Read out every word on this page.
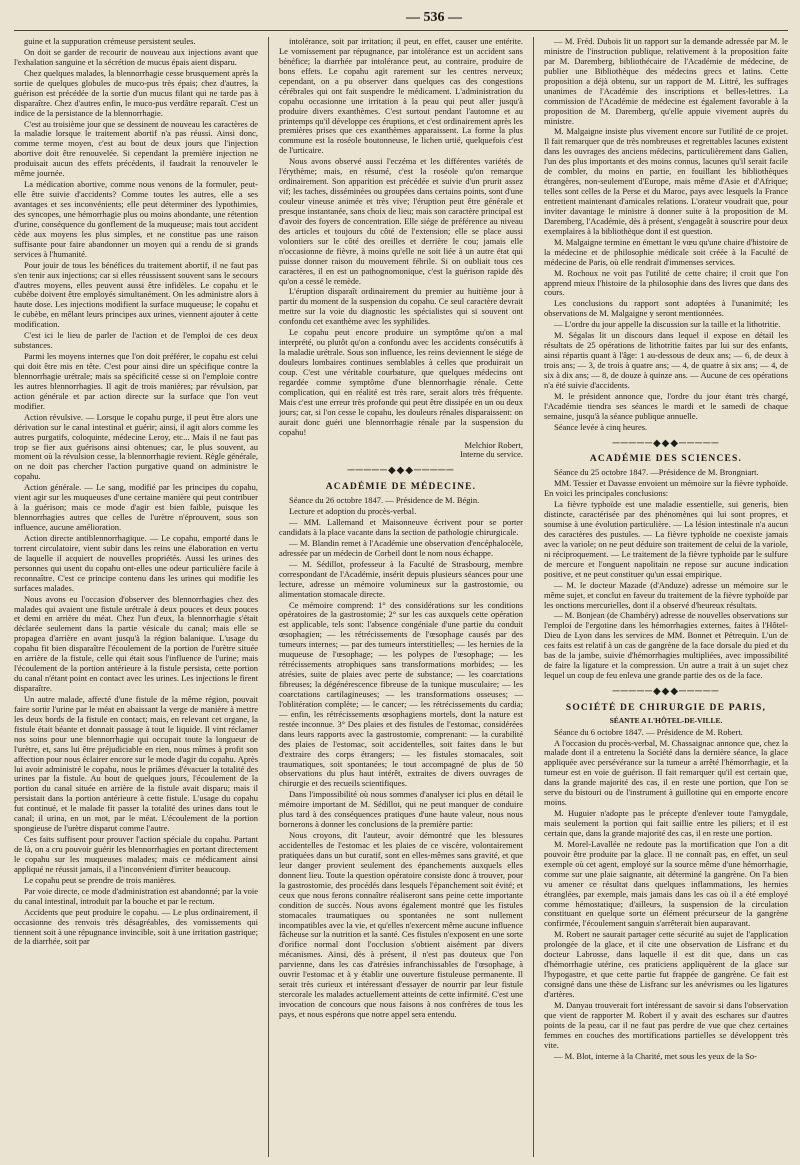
— 536 —

guine et la suppuration crémeuse persistent seules.

On doit se garder de recourir de nouveau aux injections avant que l'exhalation sanguine et la sécrétion de mucus épais aient disparu.

Chez quelques malades, la blennorrhagie cesse brusquement après la sortie de quelques globules de muco-pus très épais; chez d'autres, la guérison est précédée de la sortie d'un mucus filant qui ne tarde pas à disparaître. Chez d'autres enfin, le muco-pus verdâtre reparaît. C'est un indice de la persistance de la blennorrhagie.

C'est au troisième jour que se dessinent de nouveau les caractères de la maladie lorsque le traitement abortif n'a pas réussi. Ainsi donc, comme terme moyen, c'est au bout de deux jours que l'injection abortive doit être renouvelée. Si cependant la première injection ne produisait aucun des effets précédents, il faudrait la renouveler le même journée.

La médication abortive, comme nous venons de la formuler, peut-elle être suivie d'accidents? Comme toutes les autres, elle a ses avantages et ses inconvénients; elle peut déterminer des lypothimies, des syncopes, une hémorrhagie plus ou moins abondante, une rétention d'urine, conséquence du gonflement de la muqueuse; mais tout accident cède aux moyens les plus simples, et ne constitue pas une raison suffisante pour faire abandonner un moyen qui a rendu de si grands services à l'humanité.

Pour jouir de tous les bénéfices du traitement abortif, il ne faut pas s'en tenir aux injections; car si elles réussissent souvent sans le secours d'autres moyens, elles peuvent aussi être infidèles. Le copahu et le cubèbe doivent être employés simultanément. On les administre alors à haute dose. Les injections modifient la surface muqueuse; le copahu et le cubèbe, en mêlant leurs principes aux urines, viennent ajouter à cette modification.

C'est ici le lieu de parler de l'action et de l'emploi de ces deux substances.

Parmi les moyens internes que l'on doit préférer, le copahu est celui qui doit être mis en tête. C'est pour ainsi dire un spécifique contre la blennorrhagie urétrale; mais sa spécificité cesse si on l'emploie contre les autres blennorrhagies. Il agit de trois manières; par révulsion, par action générale et par action directe sur la surface que l'on veut modifier.

Action révulsive. — Lorsque le copahu purge, il peut être alors une dérivation sur le canal intestinal et guérir; ainsi, il agit alors comme les autres purgatifs, coloquinte, médecine Leroy, etc... Mais il ne faut pas trop se fier aux guérisons ainsi obtenues; car, le plus souvent, au moment où la révulsion cesse, la blennorrhagie revient. Règle générale, on ne doit pas chercher l'action purgative quand on administre le copahu.

Action générale. — Le sang, modifié par les principes du copahu, vient agir sur les muqueuses d'une certaine manière qui peut contribuer à la guérison; mais ce mode d'agir est bien faible, puisque les blennorrhagies autres que celles de l'urètre n'éprouvent, sous son influence, aucune amélioration.

Action directe antiblennorrhagique. — Le copahu, emporté dans le torrent circulatoire, vient subir dans les reins une élaboration en vertu de laquelle il acquiert de nouvelles propriétés. Aussi les urines des personnes qui usent du copahu ont-elles une odeur particulière facile à reconnaître. C'est ce principe contenu dans les urines qui modifie les surfaces malades.

Nous avons eu l'occasion d'observer des blennorrhagies chez des malades qui avaient une fistule urétrale à deux pouces et deux pouces et demi en arrière du méat. Chez l'un d'eux, la blennorrhagie s'était déclarée seulement dans la partie vésicale du canal; mais elle se propagea d'arrière en avant jusqu'à la région balanique. L'usage du copahu fit bien disparaître l'écoulement de la portion de l'urètre située en arrière de la fistule, celle qui était sous l'influence de l'urine; mais l'écoulement de la portion antérieure à la fistule persista, cette portion du canal n'étant point en contact avec les urines. Les injections le firent disparaître.

Un autre malade, affecté d'une fistule de la même région, pouvait faire sortir l'urine par le méat en abaissant la verge de manière à mettre les deux bords de la fistule en contact; mais, en relevant cet organe, la fistule était béante et donnait passage à tout le liquide. Il vint réclamer nos soins pour une blennorrhagie qui occupait toute la longueur de l'urètre, et, sans lui être préjudiciable en rien, nous mîmes à profit son affection pour nous éclairer encore sur le mode d'agir du copahu. Après lui avoir administré le copahu, nous le priâmes d'évacuer la totalité des urines par la fistule. Au bout de quelques jours, l'écoulement de la portion du canal située en arrière de la fistule avait disparu; mais il persistait dans la portion antérieure à cette fistule. L'usage du copahu fut continué, et le malade fit passer la totalité des urines dans tout le canal; il urina, en un mot, par le méat. L'écoulement de la portion spongieuse de l'urètre disparut comme l'autre.

Ces faits suffisent pour prouver l'action spéciale du copahu. Partant de là, on a cru pouvoir guérir les blennorrhagies en portant directement le copahu sur les muqueuses malades; mais ce médicament ainsi appliqué ne réussit jamais, il a l'inconvénient d'irriter beaucoup.

Le copahu peut se prendre de trois manières.

Par voie directe, ce mode d'administration est abandonné; par la voie du canal intestinal, introduit par la bouche et par le rectum.

Accidents que peut produire le copahu. — Le plus ordinairement, il occasionne des renvois très désagréables, des vomissements qui tiennent soit à une répugnance invincible, soit à une irritation gastrique; de la diarrhée, soit par

intolérance, soit par irritation; il peut, en effet, causer une entérite. Le vomissement par répugnance, par intolérance est un accident sans bénéfice; la diarrhée par intolérance peut, au contraire, produire de bons effets. Le copahu agit rarement sur les centres nerveux; cependant, on a pu observer dans quelques cas des congestions cérébrales qui ont fait suspendre le médicament. L'administration du copahu occasionne une irritation à la peau qui peut aller jusqu'à produire divers exanthèmes. C'est surtout pendant l'automne et au printemps qu'il développe ces éruptions, et c'est ordinairement après les premières prises que ces exanthèmes apparaissent. La forme la plus commune est la roséole boutonneuse, le lichen urtié, quelquefois c'est de l'urticaire.

Nous avons observé aussi l'eczéma et les différentes variétés de l'érythème; mais, en résumé, c'est la roséole qu'on remarque ordinairement. Son apparition est précédée et suivie d'un prurit assez vif; les taches, disséminées ou groupées dans certains points, sont d'une couleur vineuse animée et très vive; l'éruption peut être générale et presque instantanée, sans choix de lieu; mais son caractère principal est d'avoir des foyers de concentration. Elle siége de préférence au niveau des articles et toujours du côté de l'extension; elle se place aussi volontiers sur le côté des oreilles et derrière le cou; jamais elle n'occasionne de fièvre, à moins qu'elle ne soit liée à un autre état qui puisse donner raison du mouvement fébrile. Si on oubliait tous ces caractères, il en est un pathognomonique, c'est la guérison rapide dès qu'on a cessé le remède.

L'éruption disparaît ordinairement du premier au huitième jour à partir du moment de la suspension du copahu. Ce seul caractère devrait mettre sur la voie du diagnostic les spécialistes qui si souvent ont confondu cet exanthème avec les syphilides.

Le copahu peut encore produire un symptôme qu'on a mal interprété, ou plutôt qu'on a confondu avec les accidents consécutifs à la maladie urétrale. Sous son influence, les reins deviennent le siége de douleurs lombaires continues semblables à celles que produirait un coup. C'est une véritable courbature, que quelques médecins ont regardée comme symptôme d'une blennorrhagie rénale. Cette complication, qui en réalité est très rare, serait alors très fréquente. Mais c'est une erreur très profonde qui peut être dissipée en un ou deux jours; car, si l'on cesse le copahu, les douleurs rénales disparaissent: on aurait donc guéri une blennorrhagie rénale par la suspension du copahu!

Melchior Robert,
Interne du service.
─────◆◆◆─────
ACADÉMIE DE MÉDECINE.

Séance du 26 octobre 1847. — Présidence de M. Bégin.

Lecture et adoption du procès-verbal.

— MM. Lallemand et Maisonneuve écrivent pour se porter candidats à la place vacante dans la section de pathologie chirurgicale.

— M. Blandin remet à l'Académie une observation d'encéphalocèle, adressée par un médecin de Corbeil dont le nom nous échappe.

— M. Sédillot, professeur à la Faculté de Strasbourg, membre correspondant de l'Académie, insérit depuis plusieurs séances pour une lecture, adresse un mémoire volumineux sur la gastrostomie, ou alimentation stomacale directe.

Ce mémoire comprend: 1° des considérations sur les conditions opératoires de la gastrostomie; 2° sur les cas auxquels cette opération est applicable, tels sont: l'absence congéniale d'une partie du conduit œsophagien; — les rétrécissements de l'œsophage causés par des tumeurs internes; — par des tumeurs interstitielles; — les hernies de la muqueuse de l'œsophage; — les polypes de l'œsophage; — les rétrécissements atrophiques sans transformations morbides; — les atrésies, suite de plaies avec perte de substance; — les coarctations fibreuses; la dégénérescence fibreuse de la tunique musculaire; — les coarctations cartilagineuses; — les transformations osseuses; — l'oblitération complète; — le cancer; — les rétrécissements du cardia; — enfin, les rétrécissements œsophagiens mortels, dont la nature est restée inconnue. 3° Des plaies et des fistules de l'estomac, considérées dans leurs rapports avec la gastrostomie, comprenant: — la curabilité des plaies de l'estomac, soit accidentelles, soit faites dans le but d'extraire des corps étrangers; — les fistules stomacales, soit traumatiques, soit spontanées; le tout accompagné de plus de 50 observations du plus haut intérêt, extraites de divers ouvrages de chirurgie et des recueils scientifiques.

Dans l'impossibilité où nous sommes d'analyser ici plus en détail le mémoire important de M. Sédillot, qui ne peut manquer de conduire plus tard à des conséquences pratiques d'une haute valeur, nous nous bornerons à donner les conclusions de la première partie:

Nous croyons, dit l'auteur, avoir démontré que les blessures accidentelles de l'estomac et les plaies de ce viscère, volontairement pratiquées dans un but curatif, sont en elles-mêmes sans gravité, et que leur danger provient seulement des épanchements auxquels elles donnent lieu. Toute la question opératoire consiste donc à trouver, pour la gastrostomie, des procédés dans lesquels l'épanchement soit évité; et ceux que nous ferons connaître réaliseront sans peine cette importante condition de succès. Nous avons également montré que les fistules stomacales traumatiques ou spontanées ne sont nullement incompatibles avec la vie, et qu'elles n'exercent même aucune influence fâcheuse sur la nutrition et la santé. Ces fistules n'exposent en une sorte d'orifice normal dont l'occlusion s'obtient aisément par divers mécanismes. Ainsi, dès à présent, il n'est pas douteux que l'on parvienne, dans les cas d'atrésies infranchissables de l'œsophage, à ouvrir l'estomac et à y établir une ouverture fistuleuse permanente. Il serait très curieux et intéressant d'essayer de nourrir par leur fistule stercorale les malades actuellement atteints de cette infirmité. C'est une invocation de concours que nous faisons à nos confrères de tous les pays, et nous espérons que notre appel sera entendu.

— M. Fréd. Dubois lit un rapport sur la demande adressée par M. le ministre de l'instruction publique, relativement à la proposition faite par M. Daremberg, bibliothécaire de l'Académie de médecine, de publier une Bibliothèque des médecins grecs et latins. Cette proposition a déjà obtenu, sur un rapport de M. Littré, les suffrages unanimes de l'Académie des inscriptions et belles-lettres. La commission de l'Académie de médecine est également favorable à la proposition de M. Daremberg, qu'elle appuie vivement auprès du ministre.

M. Malgaigne insiste plus vivement encore sur l'utilité de ce projet. Il fait remarquer que de très nombreuses et regrettables lacunes existent dans les ouvrages des anciens médecins, particulièrement dans Galien, l'un des plus importants et des moins connus, lacunes qu'il serait facile de combler, du moins en partie, en fouillant les bibliothèques étrangères, non-seulement d'Europe, mais même d'Asie et d'Afrique; telles sont celles de la Perse et du Maroc, pays avec lesquels la France entretient maintenant d'amicales relations. L'orateur voudrait que, pour inviter davantage le ministre à donner suite à la proposition de M. Daremberg, l'Académie, dès à présent, s'engageât à souscrire pour deux exemplaires à la bibliothèque dont il est question.

M. Malgaigne termine en émettant le vœu qu'une chaire d'histoire de la médecine et de philosophie médicale soit créée à la Faculté de médecine de Paris, où elle rendrait d'immenses services.

M. Rochoux ne voit pas l'utilité de cette chaire; il croit que l'on apprend mieux l'histoire de la philosophie dans des livres que dans des cours.

Les conclusions du rapport sont adoptées à l'unanimité; les observations de M. Malgaigne y seront mentionnées.

— L'ordre du jour appelle la discussion sur la taille et la lithotritie.

M. Ségalas lit un discours dans lequel il expose en détail les résultats de 25 opérations de lithotritie faites par lui sur des enfants, ainsi répartis quant à l'âge: 1 au-dessous de deux ans; — 6, de deux à trois ans; — 3, de trois à quatre ans; — 4, de quatre à six ans; — 4, de six à dix ans; — 8, de douze à quinze ans. — Aucune de ces opérations n'a été suivie d'accidents.

M. le président annonce que, l'ordre du jour étant très chargé, l'Académie tiendra ses séances le mardi et le samedi de chaque semaine, jusqu'à la séance publique annuelle.

Séance levée à cinq heures.

─────◆◆◆─────
ACADÉMIE DES SCIENCES.

Séance du 25 octobre 1847. —Présidence de M. Brongniart.

MM. Tessier et Davasse envoient un mémoire sur la fièvre typhoïde. En voici les principales conclusions:

La fièvre typhoïde est une maladie essentielle, sui generis, bien distincte, caractérisée par des phénomènes qui lui sont propres, et soumise à une évolution particulière. — La lésion intestinale n'a aucun des caractères des pustules. — La fièvre typhoïde ne coexiste jamais avec la variole; on ne peut déduire son traitement de celui de la variole, ni réciproquement. — Le traitement de la fièvre typhoïde par le sulfure de mercure et l'onguent napolitain ne repose sur aucune indication positive, et ne peut constituer qu'un essai empirique.

— M. le docteur Mazade (d'Anduze) adresse un mémoire sur le même sujet, et conclut en faveur du traitement de la fièvre typhoïde par les onctions mercurielles, dont il a observé d'heureux résultats.

— M. Bonjean (de Chambéry) adresse de nouvelles observations sur l'emploi de l'ergotine dans les hémorrhagies externes, faites à l'Hôtel-Dieu de Lyon dans les services de MM. Bonnet et Pétrequin. L'un de ces faits est relatif à un cas de gangrène de la face dorsale du pied et du bas de la jambe, suivie d'hémorrhagies multipliées, avec impossibilité de faire la ligature et la compression. Un autre a trait à un sujet chez lequel un coup de feu enleva une grande partie des os de la face.

─────◆◆◆─────
SOCIÉTÉ DE CHIRURGIE DE PARIS,
SÉANTE A L'HÔTEL-DE-VILLE.

Séance du 6 octobre 1847. — Présidence de M. Robert.

A l'occasion du procès-verbal, M. Chassaignac annonce que, chez la malade dont il a entretenu la Société dans la dernière séance, la glace appliquée avec persévérance sur la tumeur a arrêté l'hémorrhagie, et la tumeur est en voie de guérison. Il fait remarquer qu'il est certain que, dans la grande majorité des cas, il en reste une portion, que l'on se serve du bistouri ou de l'instrument à guillotine qui en emporte encore moins.

M. Huguier n'adopte pas le précepte d'enlever toute l'amygdale, mais seulement la portion qui fait saillie entre les piliers; et il est certain que, dans la grande majorité des cas, il en reste une portion.

M. Morel-Lavallée ne redoute pas la mortification que l'on a dit pouvoir être produite par la glace. Il ne connaît pas, en effet, un seul exemple où cet agent, employé sur la source même d'une hémorrhagie, comme sur une plaie saignante, ait déterminé la gangrène. On l'a bien vu amener ce résultat dans quelques inflammations, les hernies étranglées, par exemple, mais jamais dans les cas où il a été employé comme hémostatique; d'ailleurs, la suspension de la circulation constituant en quelque sorte un élément précurseur de la gangrène confirmée, l'écoulement sanguin s'arrêterait bien auparavant.

M. Robert ne saurait partager cette sécurité au sujet de l'application prolongée de la glace, et il cite une observation de Lisfranc et du docteur Labrosse, dans laquelle il est dit que, dans un cas d'hémorrhagie utérine, ces praticiens appliquèrent de la glace sur l'hypogastre, et que cette partie fut frappée de gangrène. Ce fait est consigné dans une thèse de Lisfranc sur les anévrismes ou les ligatures d'artères.

M. Danyau trouverait fort intéressant de savoir si dans l'observation que vient de rapporter M. Robert il y avait des eschares sur d'autres points de la peau, car il ne faut pas perdre de vue que chez certaines femmes en couches des mortifications partielles se développent très vite.

— M. Blot, interne à la Charité, met sous les yeux de la So-
